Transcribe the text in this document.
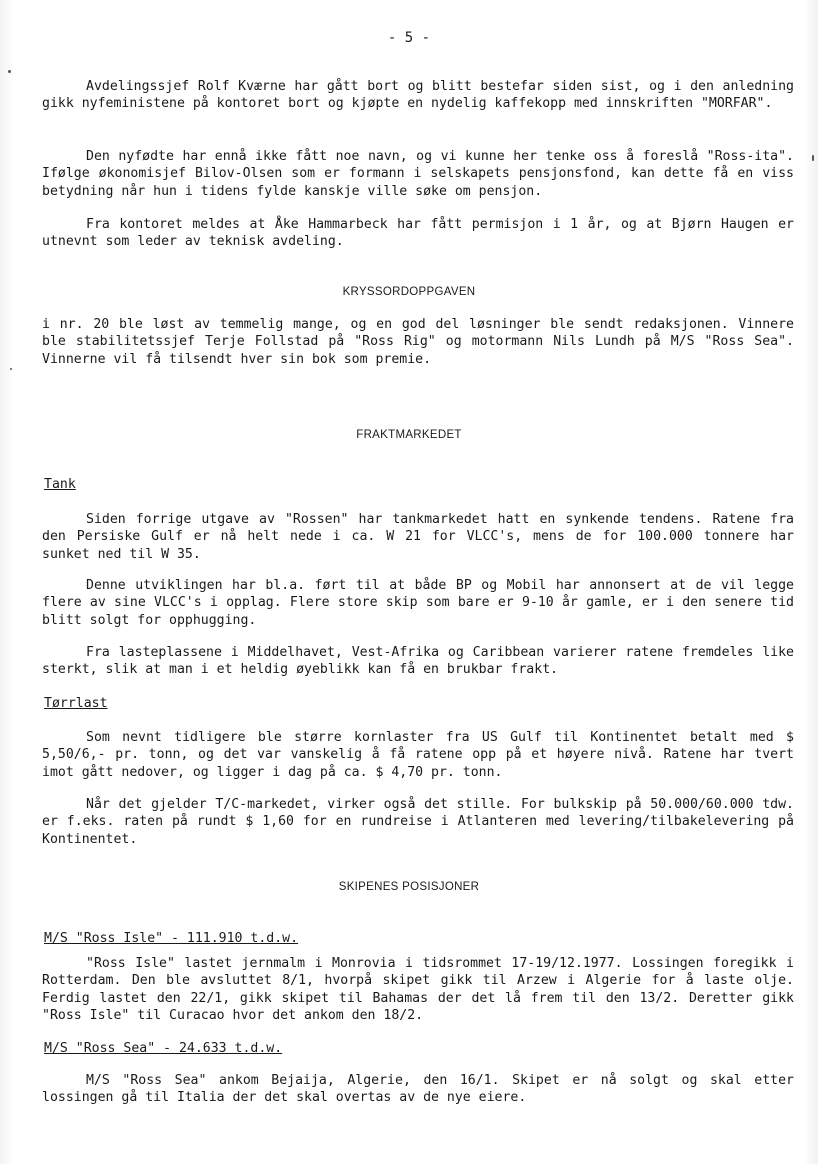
- 5 -

Avdelingssjef Rolf Kværne har gått bort og blitt bestefar siden sist, og i den anledning gikk nyfeministene på kontoret bort og kjøpte en nydelig kaffekopp med innskriften "MORFAR".

Den nyfødte har ennå ikke fått noe navn, og vi kunne her tenke oss å foreslå "Ross-ita". Ifølge økonomisjef Bilov-Olsen som er formann i selskapets pensjonsfond, kan dette få en viss betydning når hun i tidens fylde kanskje ville søke om pensjon.

Fra kontoret meldes at Åke Hammarbeck har fått permisjon i 1 år, og at Bjørn Haugen er utnevnt som leder av teknisk avdeling.

KRYSSORDOPPGAVEN

i nr. 20 ble løst av temmelig mange, og en god del løsninger ble sendt redaksjonen. Vinnere ble stabilitetssjef Terje Follstad på "Ross Rig" og motormann Nils Lundh på M/S "Ross Sea". Vinnerne vil få tilsendt hver sin bok som premie.

FRAKTMARKEDET
Tank

Siden forrige utgave av "Rossen" har tankmarkedet hatt en synkende tendens. Ratene fra den Persiske Gulf er nå helt nede i ca. W 21 for VLCC's, mens de for 100.000 tonnere har sunket ned til W 35.

Denne utviklingen har bl.a. ført til at både BP og Mobil har annonsert at de vil legge flere av sine VLCC's i opplag. Flere store skip som bare er 9-10 år gamle, er i den senere tid blitt solgt for opphugging.

Fra lasteplassene i Middelhavet, Vest-Afrika og Caribbean varierer ratene fremdeles like sterkt, slik at man i et heldig øyeblikk kan få en brukbar frakt.

Tørrlast

Som nevnt tidligere ble større kornlaster fra US Gulf til Kontinentet betalt med $ 5,50/6,- pr. tonn, og det var vanskelig å få ratene opp på et høyere nivå. Ratene har tvert imot gått nedover, og ligger i dag på ca. $ 4,70 pr. tonn.

Når det gjelder T/C-markedet, virker også det stille. For bulkskip på 50.000/60.000 tdw. er f.eks. raten på rundt $ 1,60 for en rundreise i Atlanteren med levering/tilbakelevering på Kontinentet.

SKIPENES POSISJONER
M/S "Ross Isle" - 111.910 t.d.w.

"Ross Isle" lastet jernmalm i Monrovia i tidsrommet 17-19/12.1977. Lossingen foregikk i Rotterdam. Den ble avsluttet 8/1, hvorpå skipet gikk til Arzew i Algerie for å laste olje. Ferdig lastet den 22/1, gikk skipet til Bahamas der det lå frem til den 13/2. Deretter gikk "Ross Isle" til Curacao hvor det ankom den 18/2.

M/S "Ross Sea" - 24.633 t.d.w.

M/S "Ross Sea" ankom Bejaija, Algerie, den 16/1. Skipet er nå solgt og skal etter lossingen gå til Italia der det skal overtas av de nye eiere.
